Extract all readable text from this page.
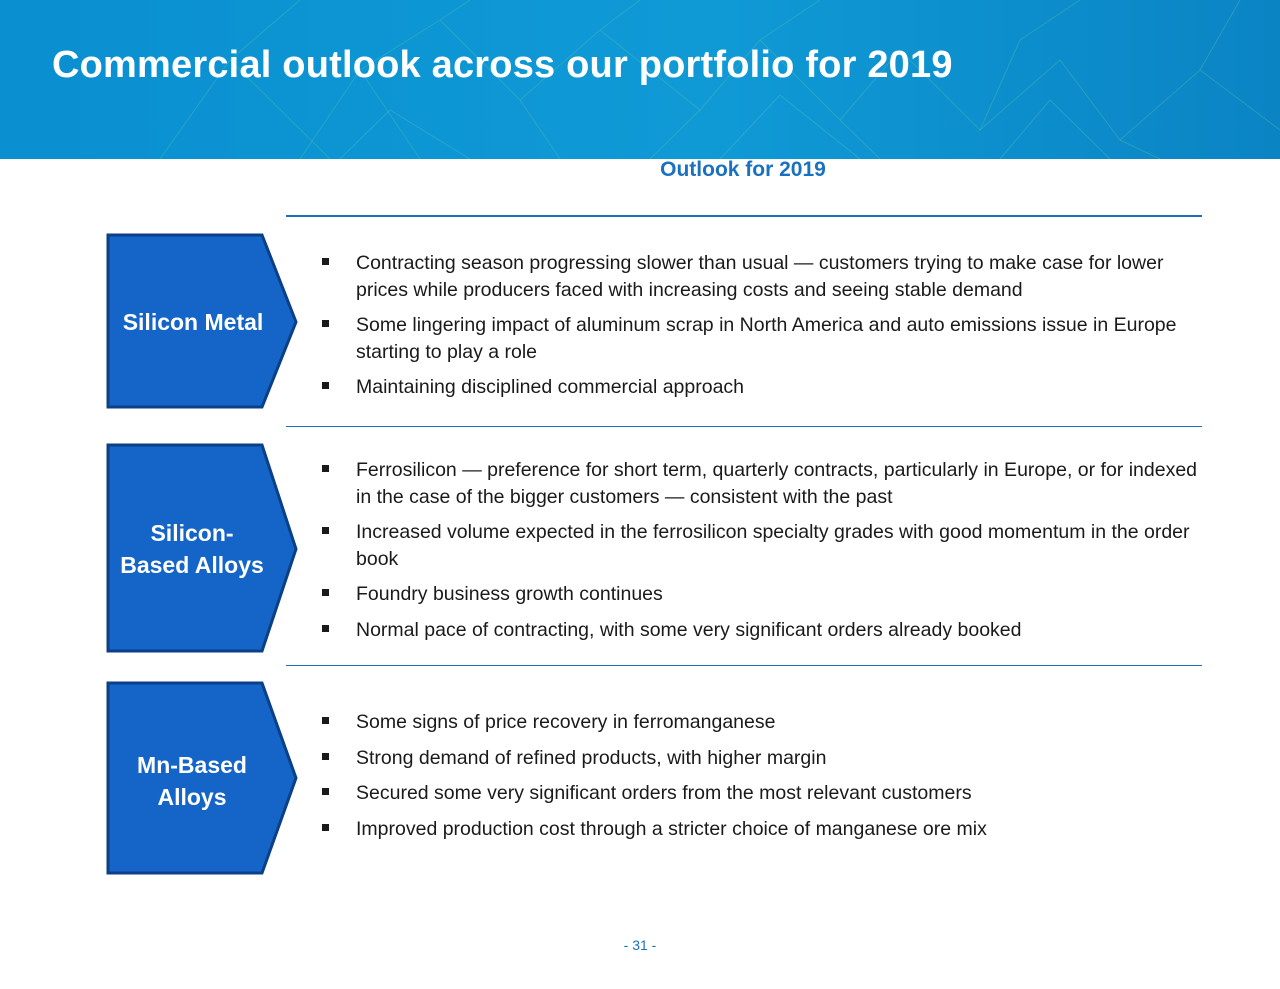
Commercial outlook across our portfolio for 2019
Outlook for 2019
Silicon Metal
Contracting season progressing slower than usual — customers trying to make case for lower prices while producers faced with increasing costs and seeing stable demand
Some lingering impact of aluminum scrap in North America and auto emissions issue in Europe starting to play a role
Maintaining disciplined commercial approach
Silicon-
Based Alloys
Ferrosilicon — preference for short term, quarterly contracts, particularly in Europe, or for indexed in the case of the bigger customers — consistent with the past
Increased volume expected in the ferrosilicon specialty grades with good momentum in the order book
Foundry business growth continues
Normal pace of contracting, with some very significant orders already booked
Mn-Based
Alloys
Some signs of price recovery in ferromanganese
Strong demand of refined products, with higher margin
Secured some very significant orders from the most relevant customers
Improved production cost through a stricter choice of manganese ore mix
- 31 -
